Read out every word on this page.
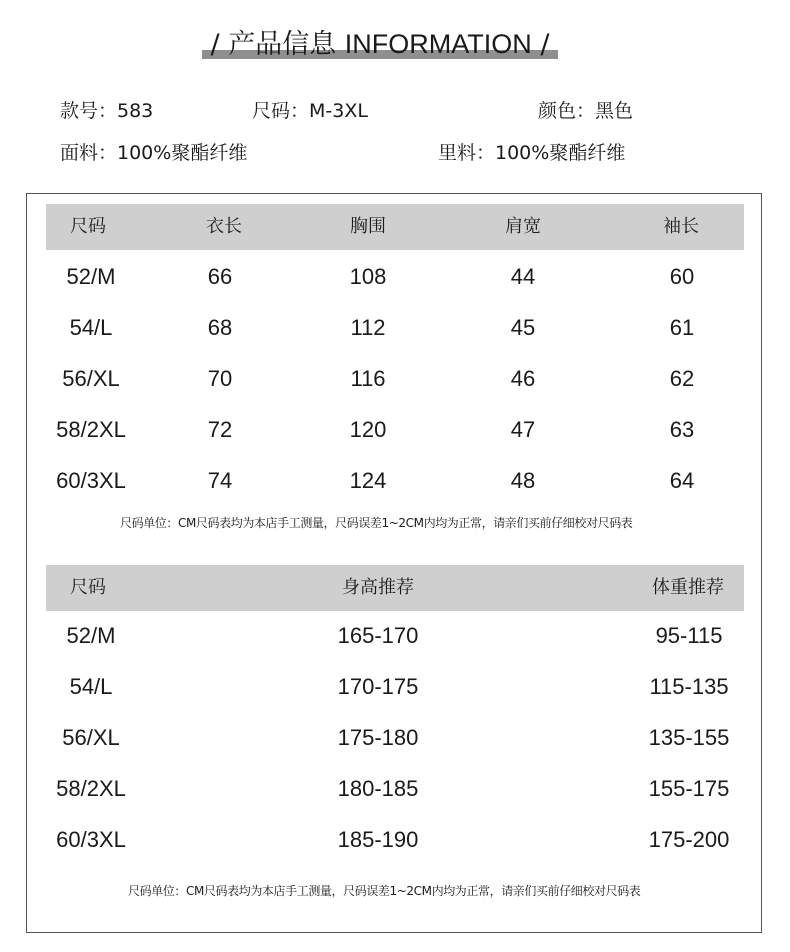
/ 产品信息 INFORMATION /
款号：583	尺码：M-3XL	颜色：黑色
面料：100%聚酯纤维	里料：100%聚酯纤维
尺码	衣长	胸围	肩宽	袖长
52/M	66	108	44	60
54/L	68	112	45	61
56/XL	70	116	46	62
58/2XL	72	120	47	63
60/3XL	74	124	48	64
尺码单位：CM尺码表均为本店手工测量，尺码误差1~2CM内均为正常，请亲们买前仔细校对尺码表
尺码	身高推荐	体重推荐
52/M	165-170	95-115
54/L	170-175	115-135
56/XL	175-180	135-155
58/2XL	180-185	155-175
60/3XL	185-190	175-200
尺码单位：CM尺码表均为本店手工测量，尺码误差1~2CM内均为正常，请亲们买前仔细校对尺码表
